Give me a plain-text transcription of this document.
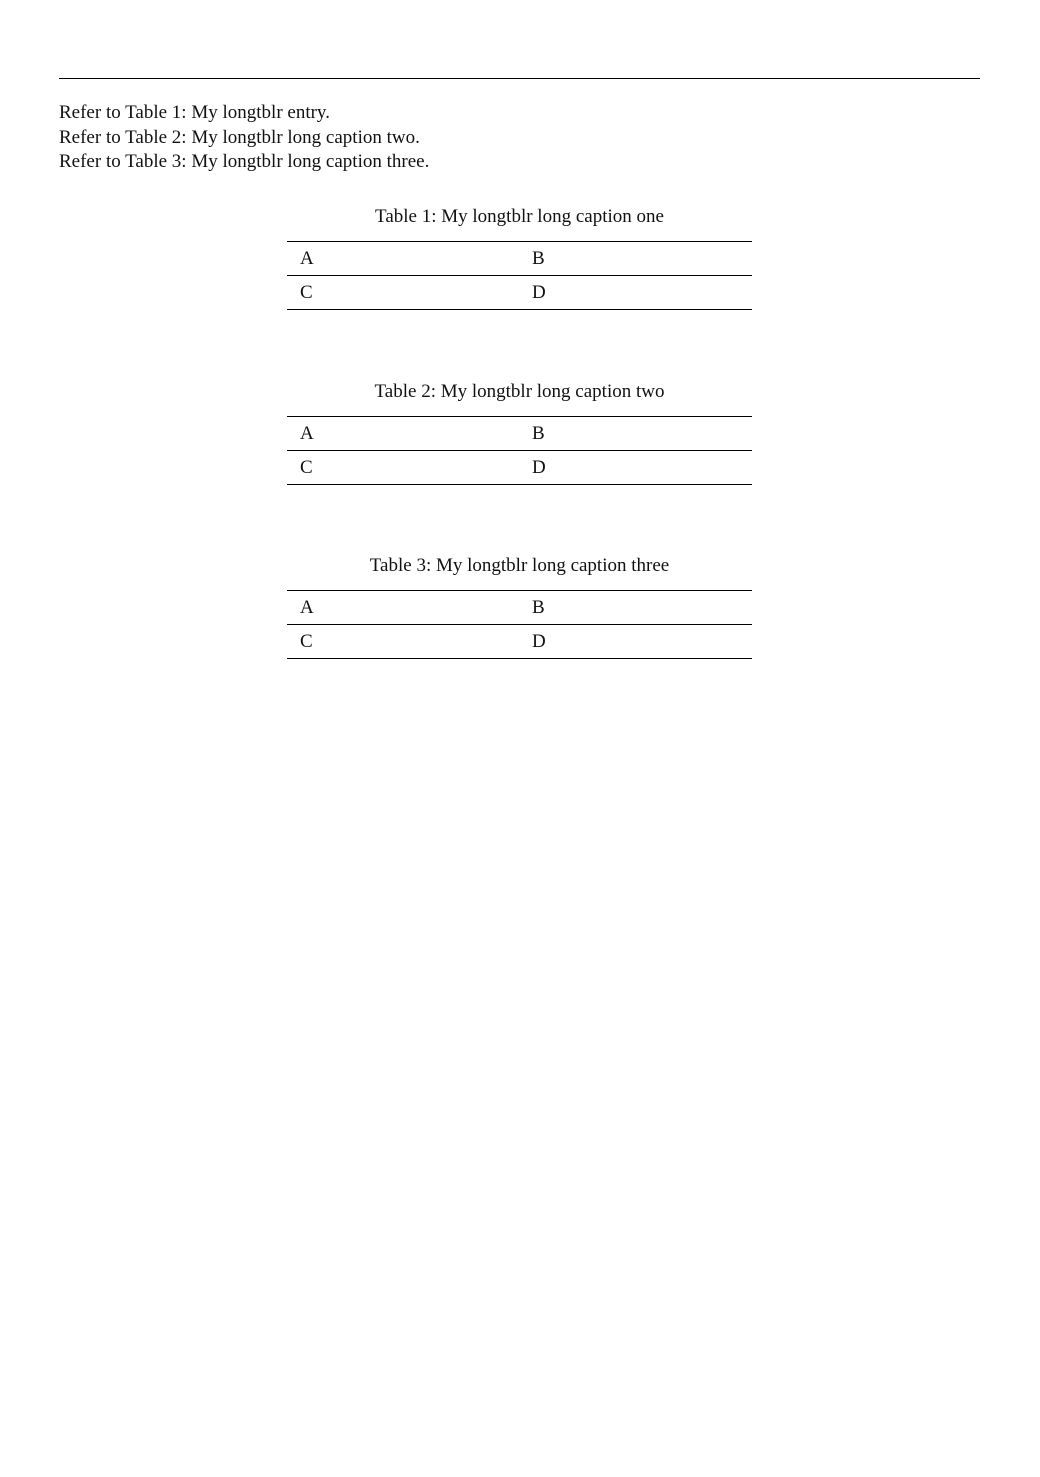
Refer to Table 1: My longtblr entry.
Refer to Table 2: My longtblr long caption two.
Refer to Table 3: My longtblr long caption three.
Table 1: My longtblr long caption one
A	B
C	D
Table 2: My longtblr long caption two
A	B
C	D
Table 3: My longtblr long caption three
A	B
C	D
